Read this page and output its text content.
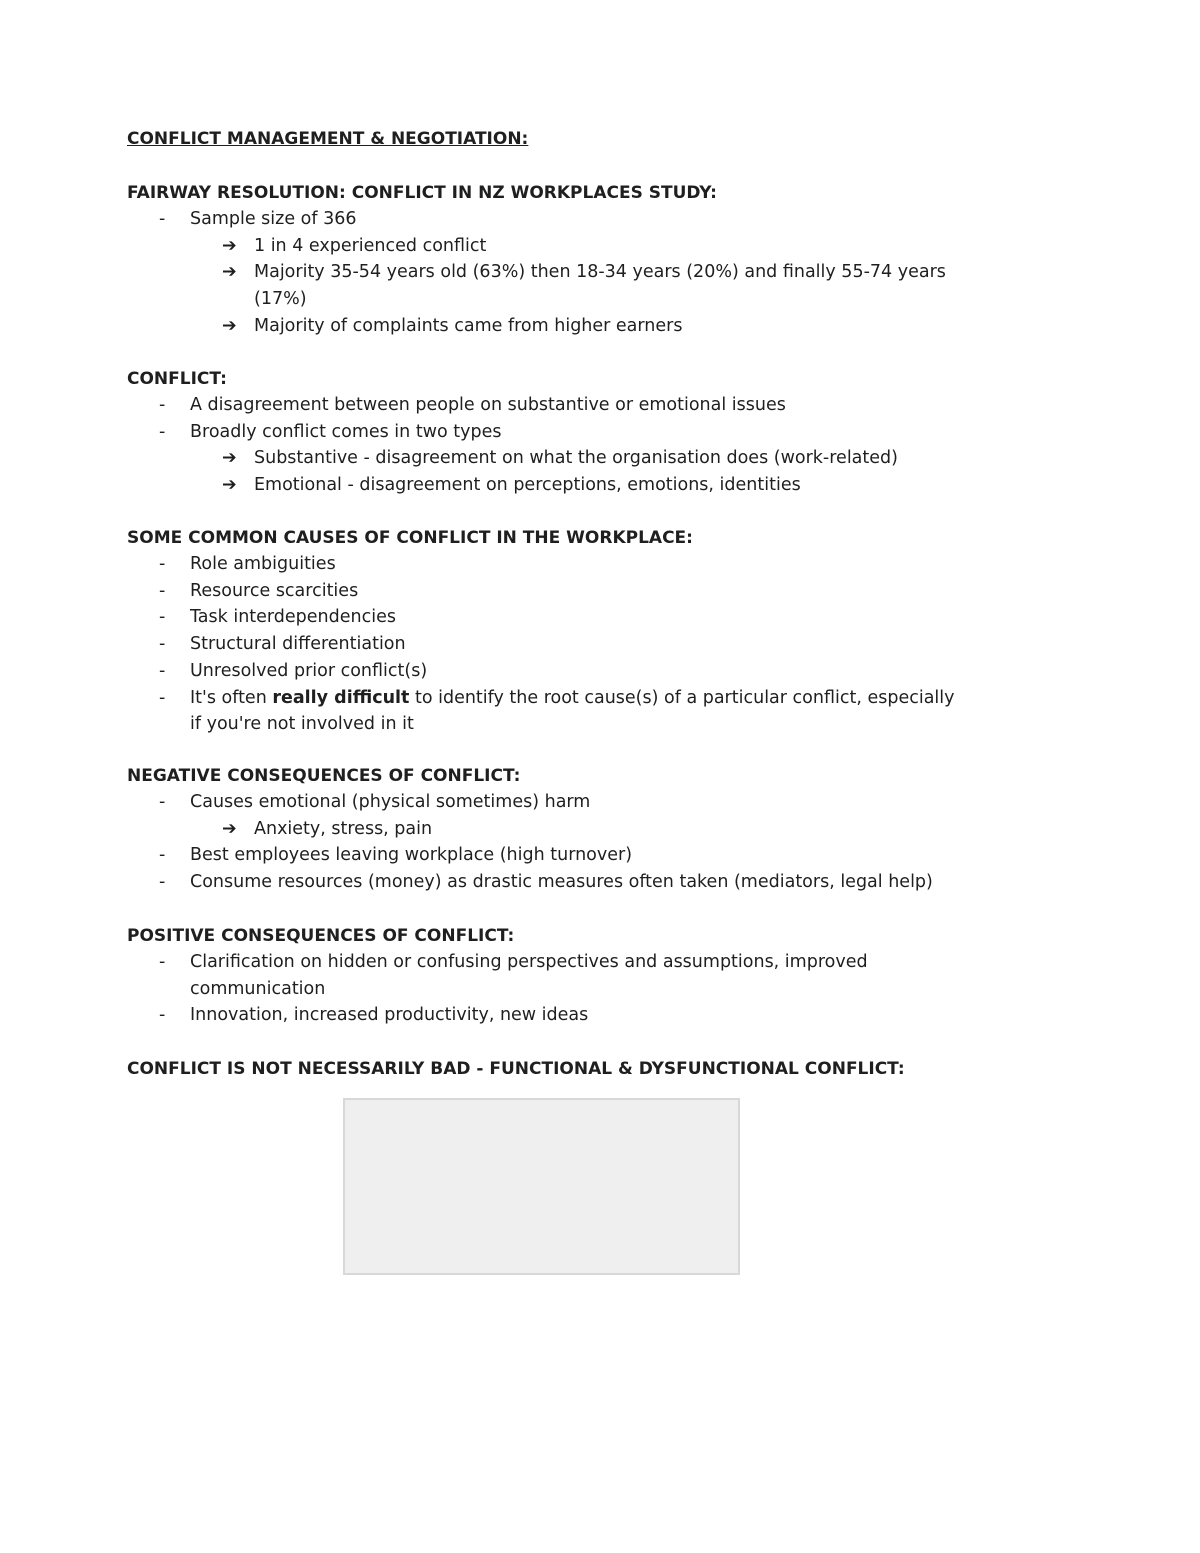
CONFLICT MANAGEMENT & NEGOTIATION:
FAIRWAY RESOLUTION: CONFLICT IN NZ WORKPLACES STUDY:
- Sample size of 366
➔ 1 in 4 experienced conflict
➔ Majority 35-54 years old (63%) then 18-34 years (20%) and finally 55-74 years (17%)
➔ Majority of complaints came from higher earners
CONFLICT:
- A disagreement between people on substantive or emotional issues
- Broadly conflict comes in two types
➔ Substantive - disagreement on what the organisation does (work-related)
➔ Emotional - disagreement on perceptions, emotions, identities
SOME COMMON CAUSES OF CONFLICT IN THE WORKPLACE:
- Role ambiguities
- Resource scarcities
- Task interdependencies
- Structural differentiation
- Unresolved prior conflict(s)
- It's often really difficult to identify the root cause(s) of a particular conflict, especially if you're not involved in it
NEGATIVE CONSEQUENCES OF CONFLICT:
- Causes emotional (physical sometimes) harm
➔ Anxiety, stress, pain
- Best employees leaving workplace (high turnover)
- Consume resources (money) as drastic measures often taken (mediators, legal help)
POSITIVE CONSEQUENCES OF CONFLICT:
- Clarification on hidden or confusing perspectives and assumptions, improved communication
- Innovation, increased productivity, new ideas
CONFLICT IS NOT NECESSARILY BAD - FUNCTIONAL & DYSFUNCTIONAL CONFLICT:
